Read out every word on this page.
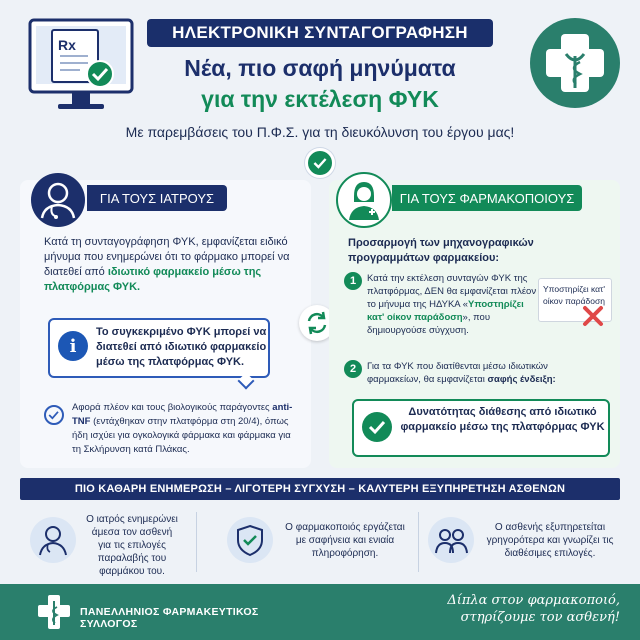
Rx
ΗΛΕΚΤΡΟΝΙΚΗ ΣΥΝΤΑΓΟΓΡΑΦΗΣΗ
Νέα, πιο σαφή μηνύματα
για την εκτέλεση ΦΥΚ
Με παρεμβάσεις του Π.Φ.Σ. για τη διευκόλυνση του έργου μας!
ΓΙΑ ΤΟΥΣ ΙΑΤΡΟΥΣ
Κατά τη συνταγογράφηση ΦΥΚ, εμφανίζεται ειδικό μήνυμα που ενημερώνει ότι το φάρμακο μπορεί να διατεθεί από ιδιωτικό φαρμακείο μέσω της πλατφόρμας ΦΥΚ.
i
Το συγκεκριμένο ΦΥΚ μπορεί να διατεθεί από ιδιωτικό φαρμακείο μέσω της πλατφόρμας ΦΥΚ.
Αφορά πλέον και τους βιολογικούς παράγοντες anti-TNF (εντάχθηκαν στην πλατφόρμα στη 20/4), όπως ήδη ισχύει για ογκολογικά φάρμακα και φάρμακα για τη Σκλήρυνση κατά Πλάκας.
ΓΙΑ ΤΟΥΣ ΦΑΡΜΑΚΟΠΟΙΟΥΣ
Προσαρμογή των μηχανογραφικών προγραμμάτων φαρμακείου:
1	Κατά την εκτέλεση συνταγών ΦΥΚ της πλατφόρμας, ΔΕΝ θα εμφανίζεται πλέον το μήνυμα της ΗΔΥΚΑ «Υποστηρίζει κατ' οίκον παράδοση», που δημιουργούσε σύγχυση.
Υποστηρίζει κατ' οίκον παράδοση
2	Για τα ΦΥΚ που διατίθενται μέσω ιδιωτικών φαρμακείων, θα εμφανίζεται σαφής ένδειξη:
Δυνατότητας διάθεσης από ιδιωτικό φαρμακείο μέσω της πλατφόρμας ΦΥΚ
ΠΙΟ ΚΑΘΑΡΗ ΕΝΗΜΕΡΩΣΗ – ΛΙΓΟΤΕΡΗ ΣΥΓΧΥΣΗ – ΚΑΛΥΤΕΡΗ ΕΞΥΠΗΡΕΤΗΣΗ ΑΣΘΕΝΩΝ
Ο ιατρός ενημερώνει άμεσα τον ασθενή για τις επιλογές παραλαβής του φαρμάκου του.
Ο φαρμακοποιός εργάζεται με σαφήνεια και ενιαία πληροφόρηση.
Ο ασθενής εξυπηρετείται γρηγορότερα και γνωρίζει τις διαθέσιμες επιλογές.
ΠΑΝΕΛΛΗΝΙΟΣ ΦΑΡΜΑΚΕΥΤΙΚΟΣ ΣΥΛΛΟΓΟΣ
Δίπλα στον φαρμακοποιό,
στηρίζουμε τον ασθενή!
